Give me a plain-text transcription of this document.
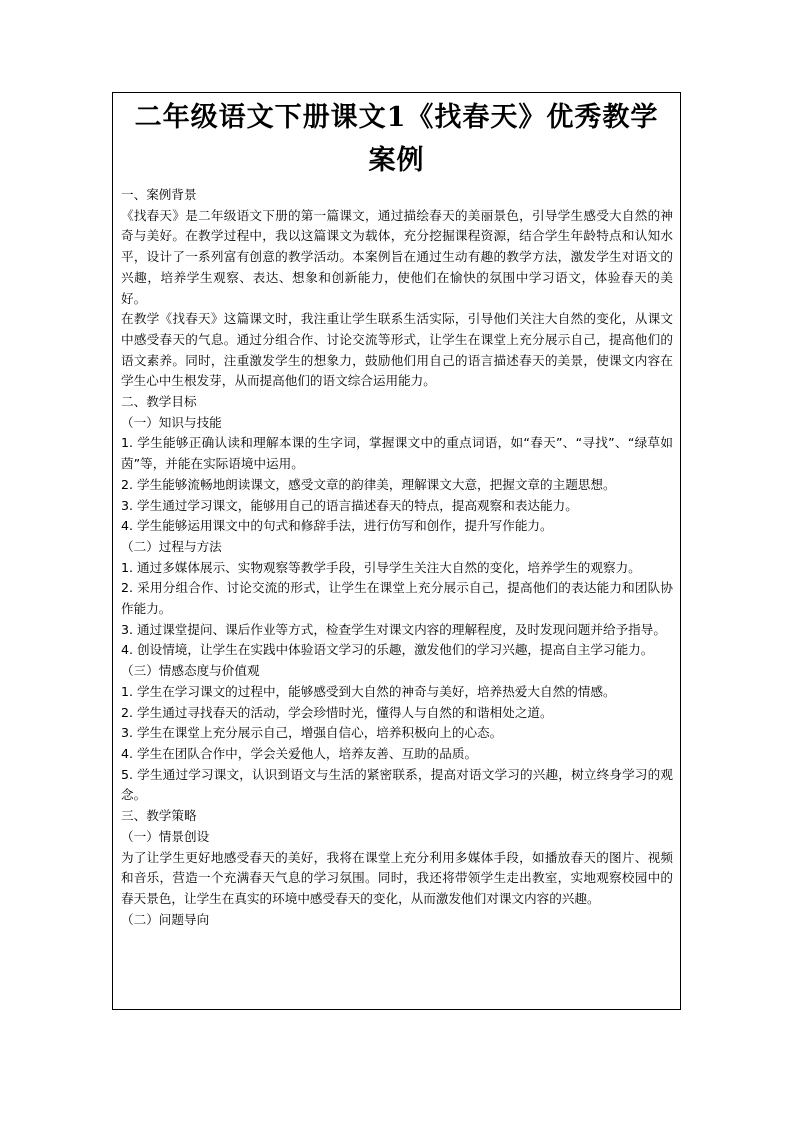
二年级语文下册课文1《找春天》优秀教学
案例

一、案例背景

《找春天》是二年级语文下册的第一篇课文，通过描绘春天的美丽景色，引导学生感受大自然的神奇与美好。在教学过程中，我以这篇课文为载体，充分挖掘课程资源，结合学生年龄特点和认知水平，设计了一系列富有创意的教学活动。本案例旨在通过生动有趣的教学方法，激发学生对语文的兴趣，培养学生观察、表达、想象和创新能力，使他们在愉快的氛围中学习语文，体验春天的美好。

在教学《找春天》这篇课文时，我注重让学生联系生活实际，引导他们关注大自然的变化，从课文中感受春天的气息。通过分组合作、讨论交流等形式，让学生在课堂上充分展示自己，提高他们的语文素养。同时，注重激发学生的想象力，鼓励他们用自己的语言描述春天的美景，使课文内容在学生心中生根发芽，从而提高他们的语文综合运用能力。

二、教学目标

（一）知识与技能

1. 学生能够正确认读和理解本课的生字词，掌握课文中的重点词语，如“春天”、“寻找”、“绿草如茵”等，并能在实际语境中运用。

2. 学生能够流畅地朗读课文，感受文章的韵律美，理解课文大意，把握文章的主题思想。

3. 学生通过学习课文，能够用自己的语言描述春天的特点，提高观察和表达能力。

4. 学生能够运用课文中的句式和修辞手法，进行仿写和创作，提升写作能力。

（二）过程与方法

1. 通过多媒体展示、实物观察等教学手段，引导学生关注大自然的变化，培养学生的观察力。

2. 采用分组合作、讨论交流的形式，让学生在课堂上充分展示自己，提高他们的表达能力和团队协作能力。

3. 通过课堂提问、课后作业等方式，检查学生对课文内容的理解程度，及时发现问题并给予指导。

4. 创设情境，让学生在实践中体验语文学习的乐趣，激发他们的学习兴趣，提高自主学习能力。

（三）情感态度与价值观

1. 学生在学习课文的过程中，能够感受到大自然的神奇与美好，培养热爱大自然的情感。

2. 学生通过寻找春天的活动，学会珍惜时光，懂得人与自然的和谐相处之道。

3. 学生在课堂上充分展示自己，增强自信心，培养积极向上的心态。

4. 学生在团队合作中，学会关爱他人，培养友善、互助的品质。

5. 学生通过学习课文，认识到语文与生活的紧密联系，提高对语文学习的兴趣，树立终身学习的观念。

三、教学策略

（一）情景创设

为了让学生更好地感受春天的美好，我将在课堂上充分利用多媒体手段，如播放春天的图片、视频和音乐，营造一个充满春天气息的学习氛围。同时，我还将带领学生走出教室，实地观察校园中的春天景色，让学生在真实的环境中感受春天的变化，从而激发他们对课文内容的兴趣。

（二）问题导向
